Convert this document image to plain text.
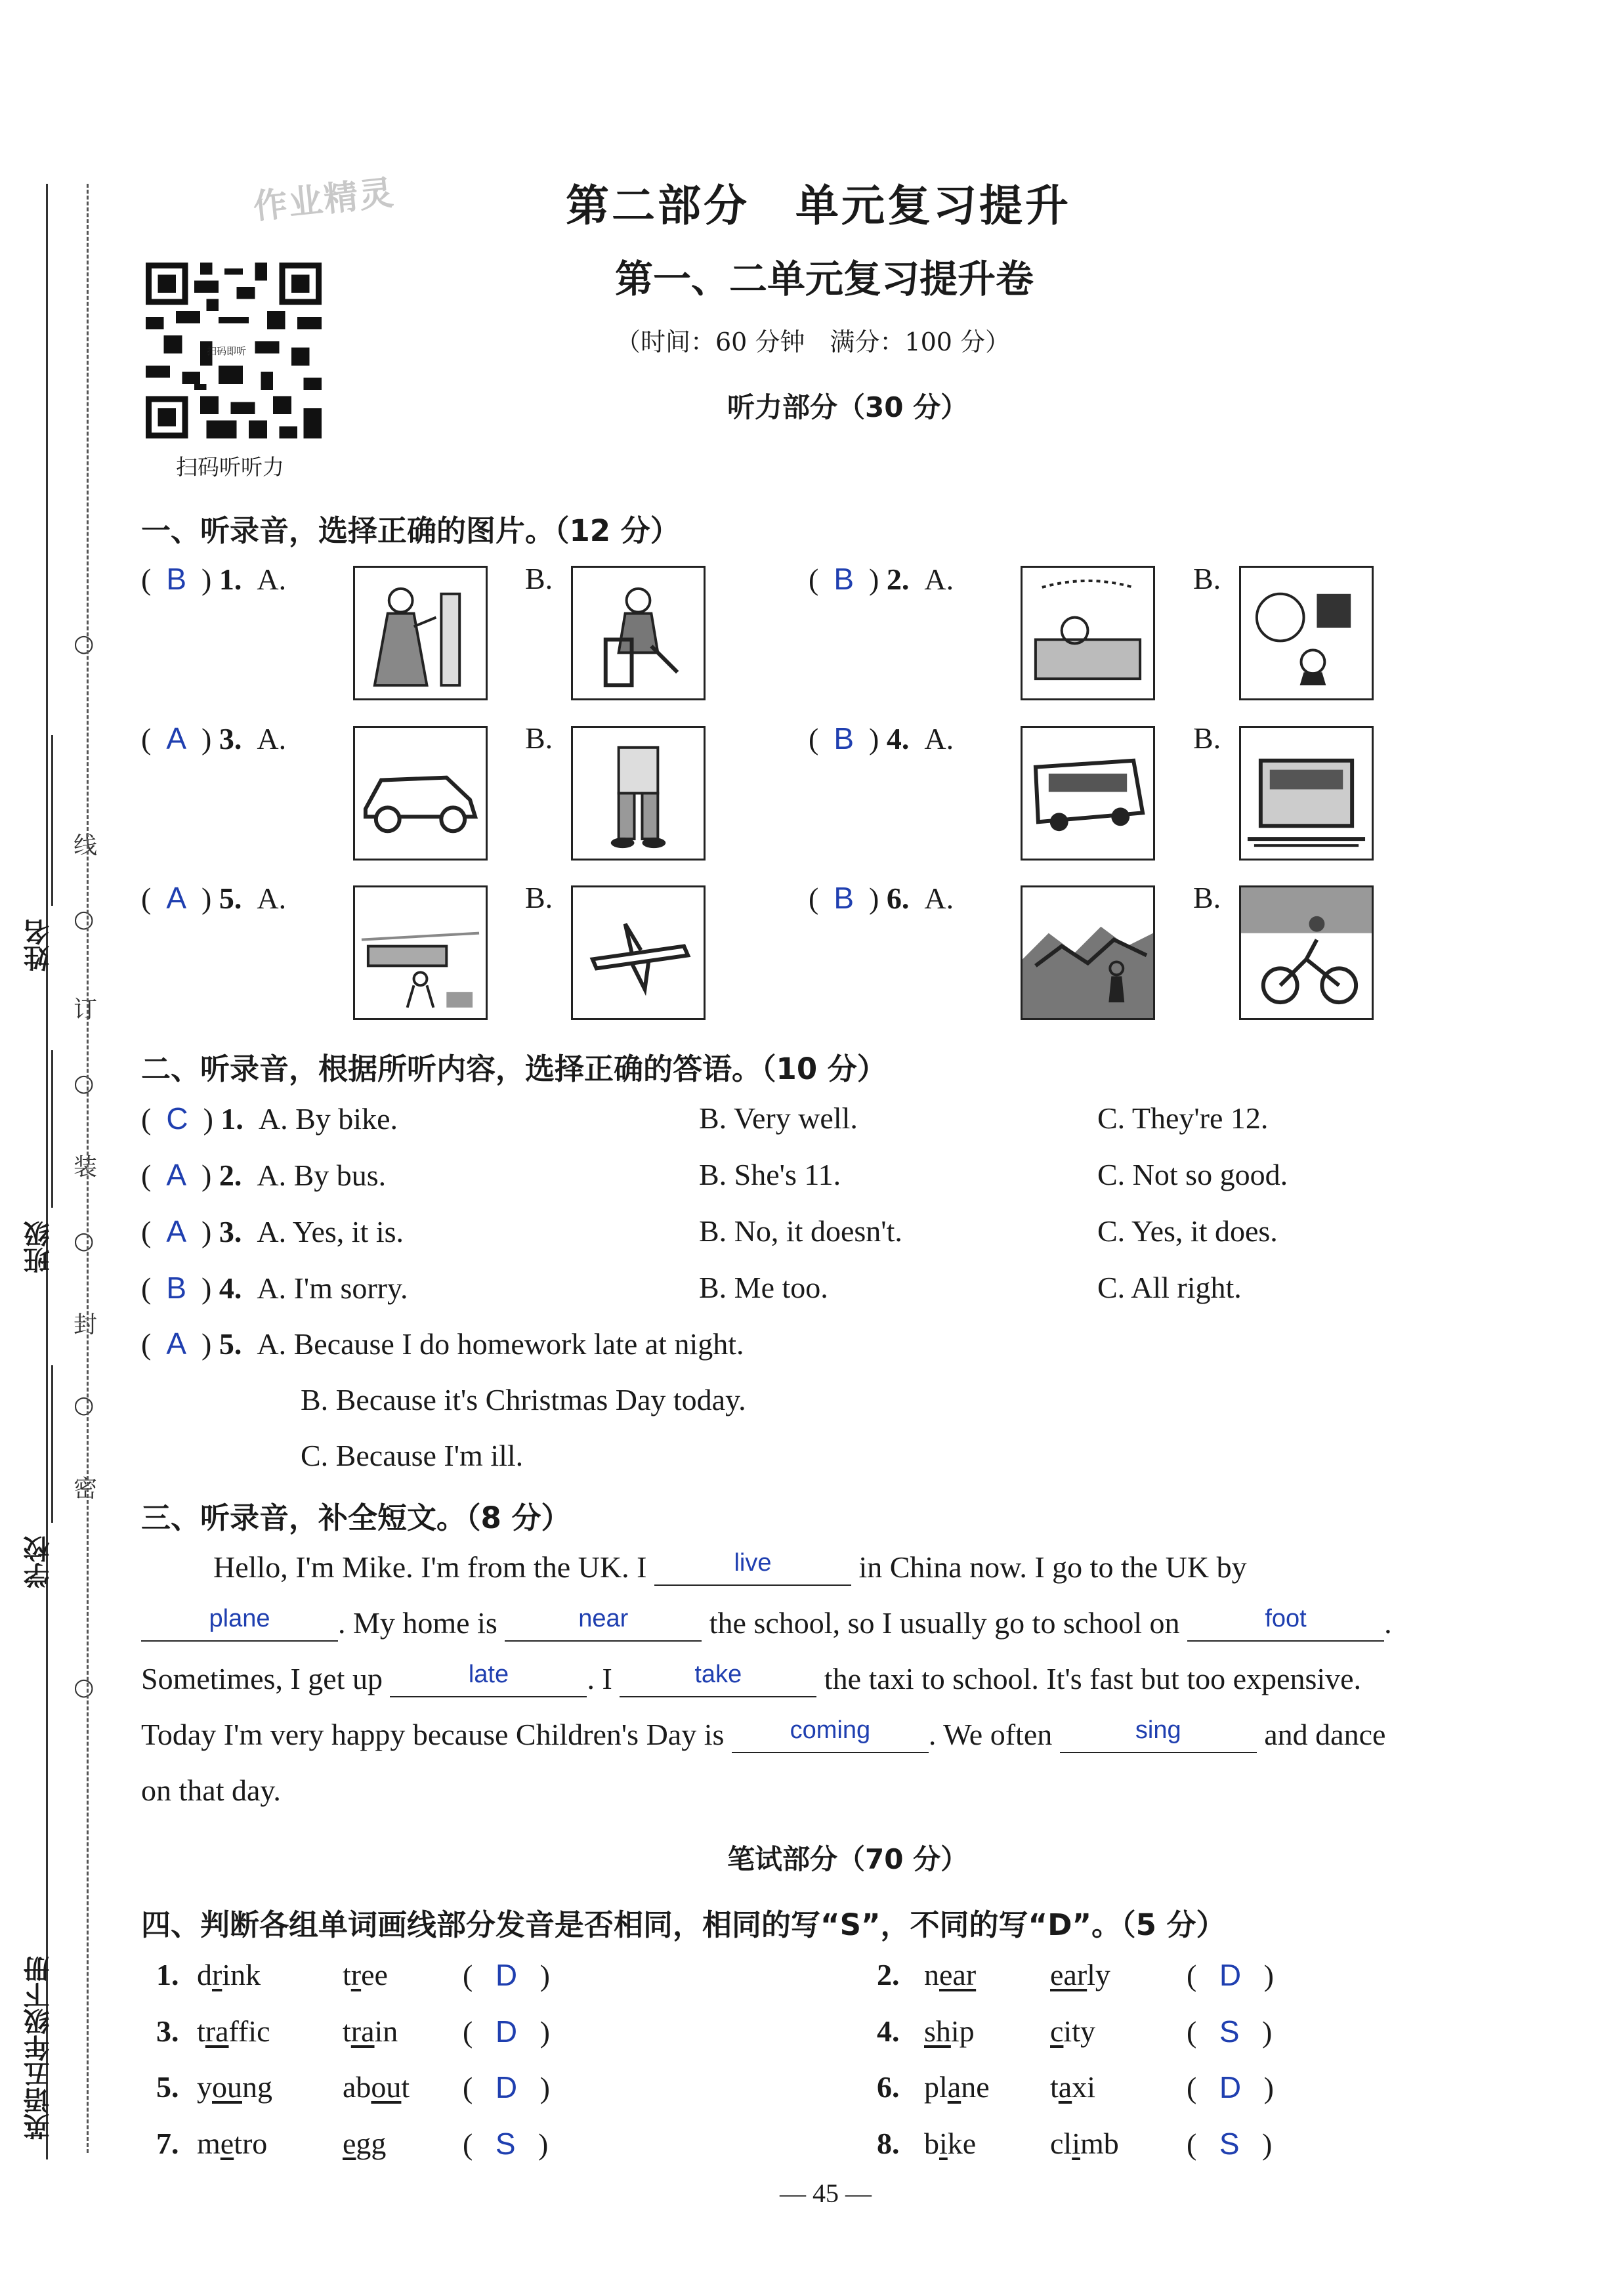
英语五年级下册
学校
班级
姓名
线
○
订
○
装
○
封
○
密
○
○
作业精灵
扫码即听
扫码听听力
第二部分　单元复习提升
第一、二单元复习提升卷
（时间：60 分钟　满分：100 分）
听力部分（30 分）
一、听录音，选择正确的图片。（12 分）
(  B  ) 1. A.	B.	(  B  ) 2. A.	B.
(  A  ) 3. A.	B.	(  B  ) 4. A.	B.
(  A  ) 5. A.	B.	(  B  ) 6. A.	B.
二、听录音，根据所听内容，选择正确的答语。（10 分）
(  C  ) 1. A. By bike.	B. Very well.	C. They're 12.
(  A  ) 2. A. By bus.	B. She's 11.	C. Not so good.
(  A  ) 3. A. Yes, it is.	B. No, it doesn't.	C. Yes, it does.
(  B  ) 4. A. I'm sorry.	B. Me too.	C. All right.
(  A  ) 5. A. Because I do homework late at night.
B. Because it's Christmas Day today.
C. Because I'm ill.
三、听录音，补全短文。（8 分）
Hello, I'm Mike. I'm from the UK. I	$^{live}$	in China now. I go to the UK by
$^{plane}$ . My home is	$^{near}$	the school, so I usually go to school on	$^{foot}$	.
Sometimes, I get up	$^{late}$	. I	$^{take}$	the taxi to school. It's fast but too expensive.
Today I'm very happy because Children's Day is	$^{coming}$ . We often	$^{sing}$	and dance
on that day.
笔试部分（70 分）
四、判断各组单词画线部分发音是否相同，相同的写“S”，不同的写“D”。（5 分）
1. drink	tree (   D   )	2. near early	(   D   )
3. traffic train (   D   )	4. ship	city	(   S   )
5. young about (   D   )	6. plane taxi	(   D   )
7. metro egg	(   S   )	8. bike climb (   S   )
— 45 —
